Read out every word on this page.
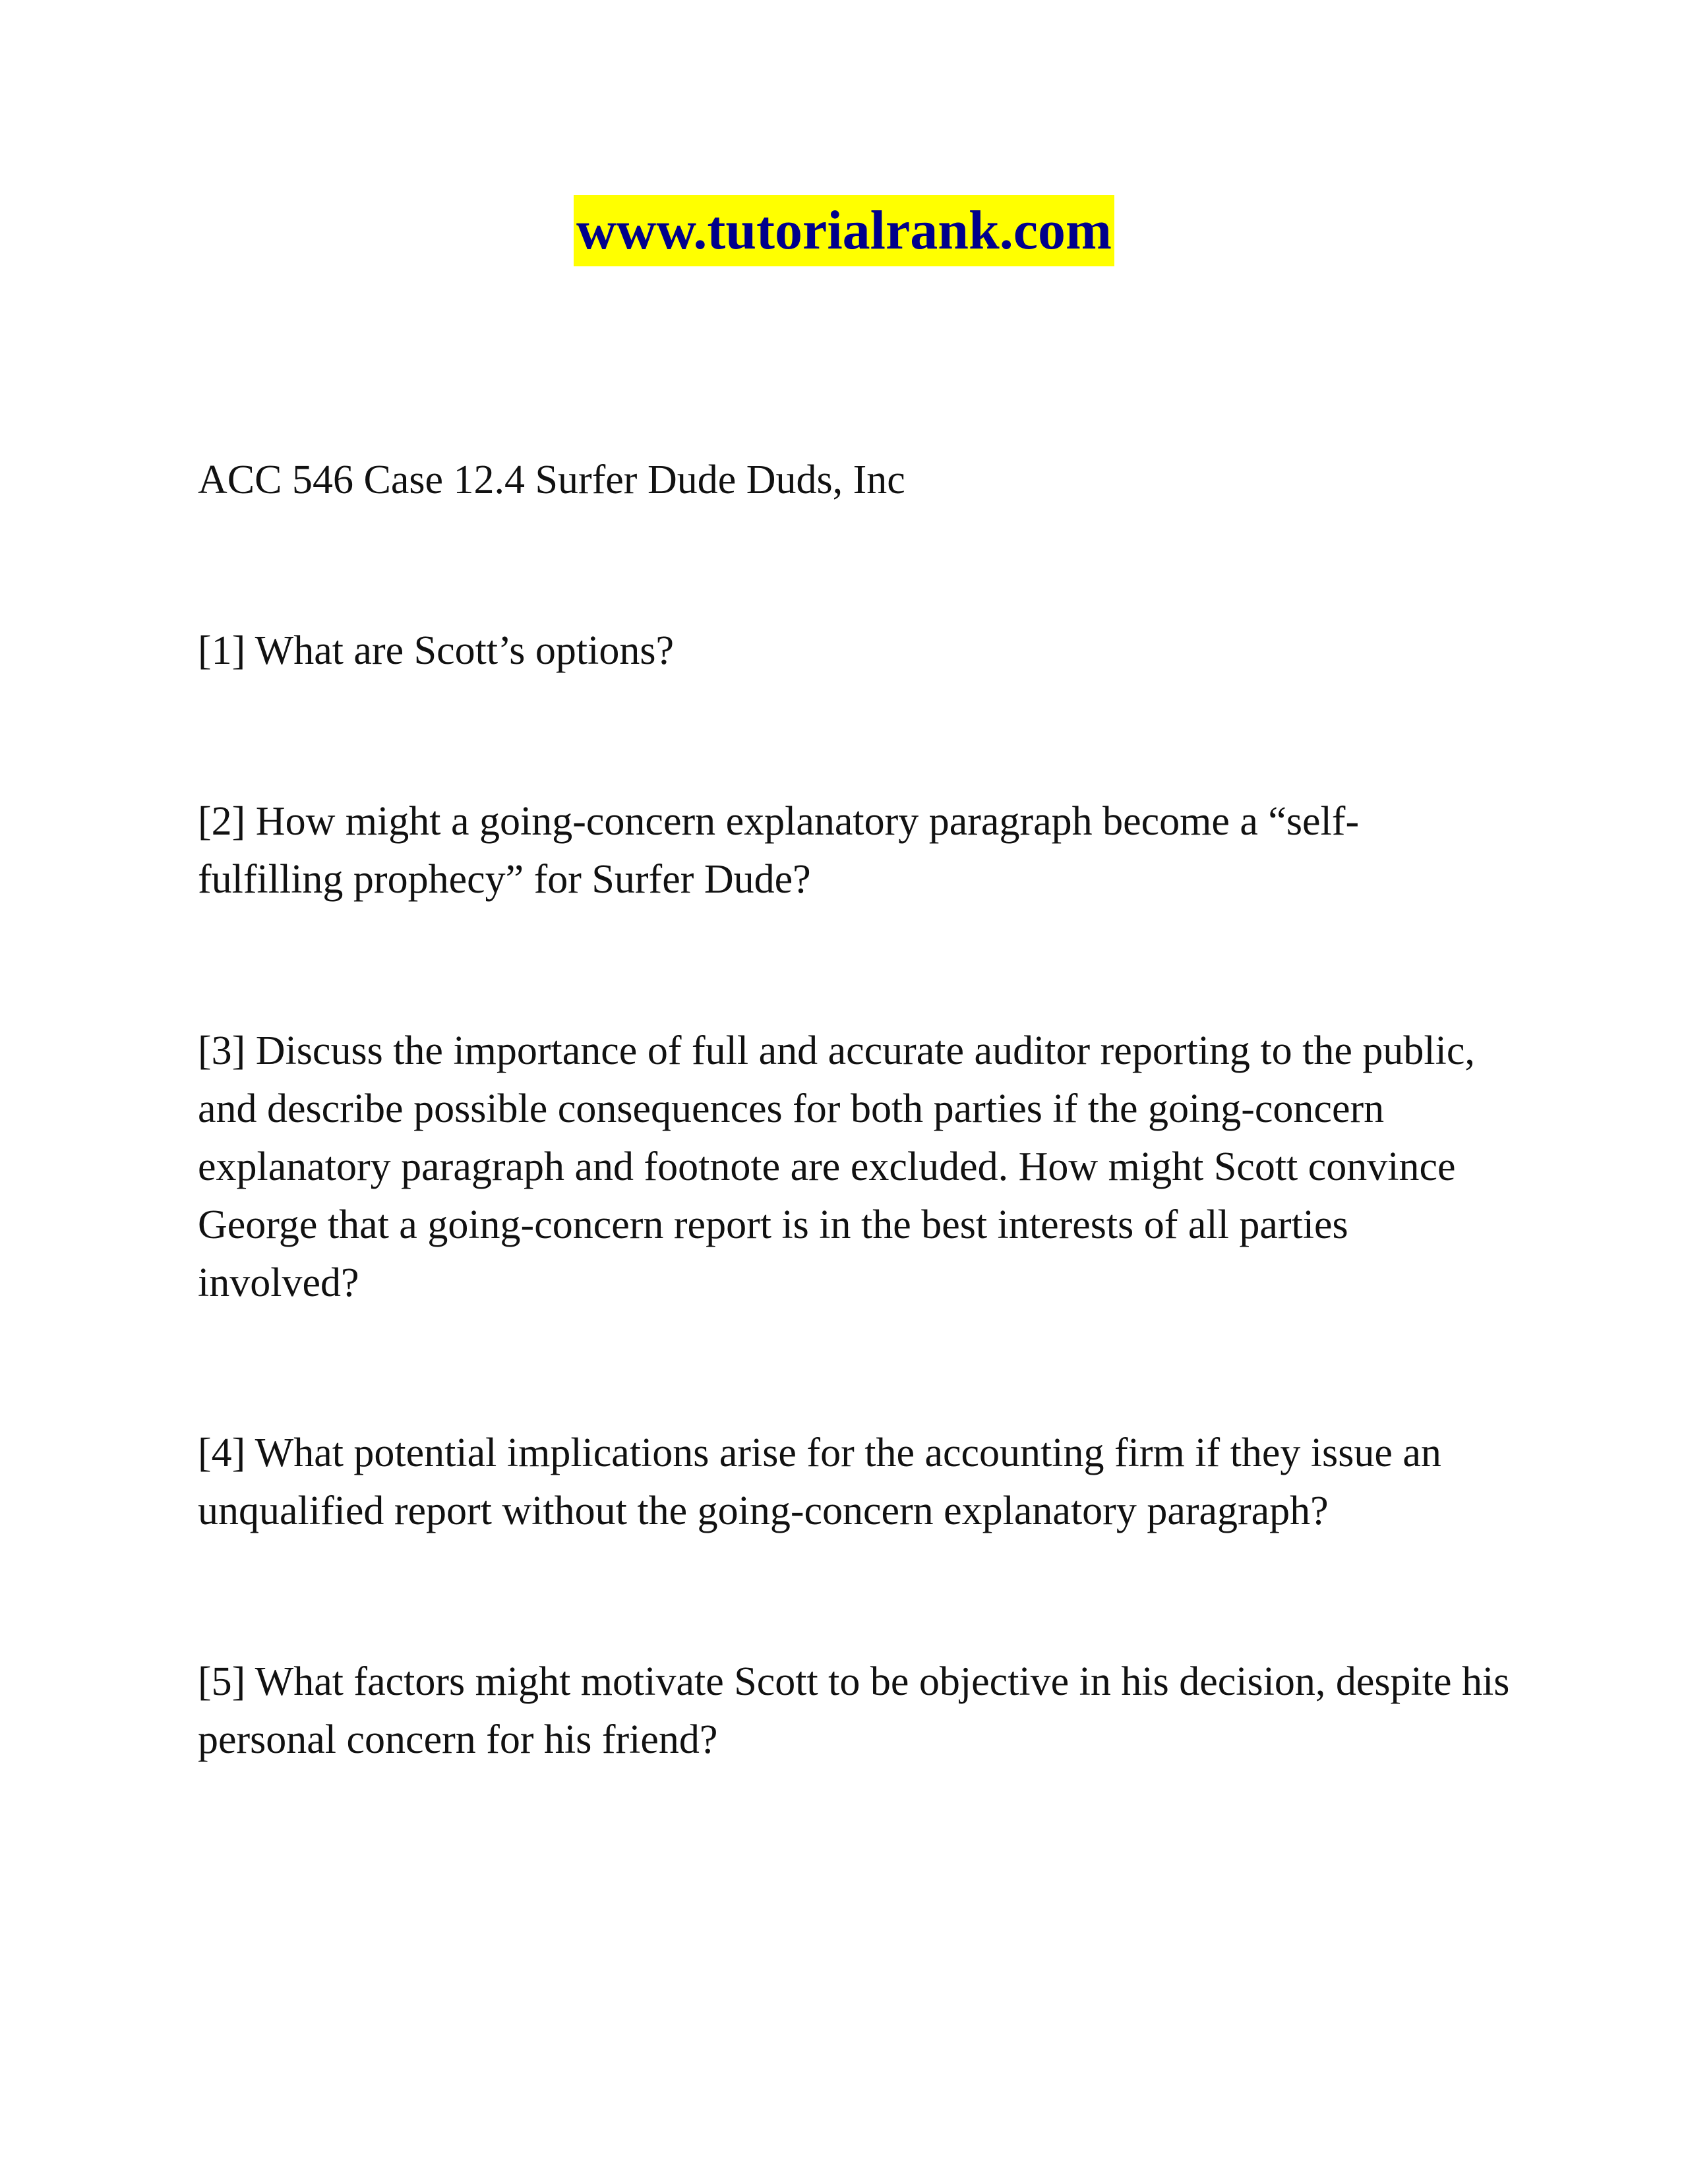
www.tutorialrank.com
ACC 546 Case 12.4 Surfer Dude Duds, Inc
[1] What are Scott’s options?
[2] How might a going-concern explanatory paragraph become a “self-fulfilling prophecy” for Surfer Dude?
[3] Discuss the importance of full and accurate auditor reporting to the public, and describe possible consequences for both parties if the going-concern explanatory paragraph and footnote are excluded. How might Scott convince George that a going-concern report is in the best interests of all parties involved?
[4] What potential implications arise for the accounting firm if they issue an unqualified report without the going-concern explanatory paragraph?
[5] What factors might motivate Scott to be objective in his decision, despite his personal concern for his friend?
